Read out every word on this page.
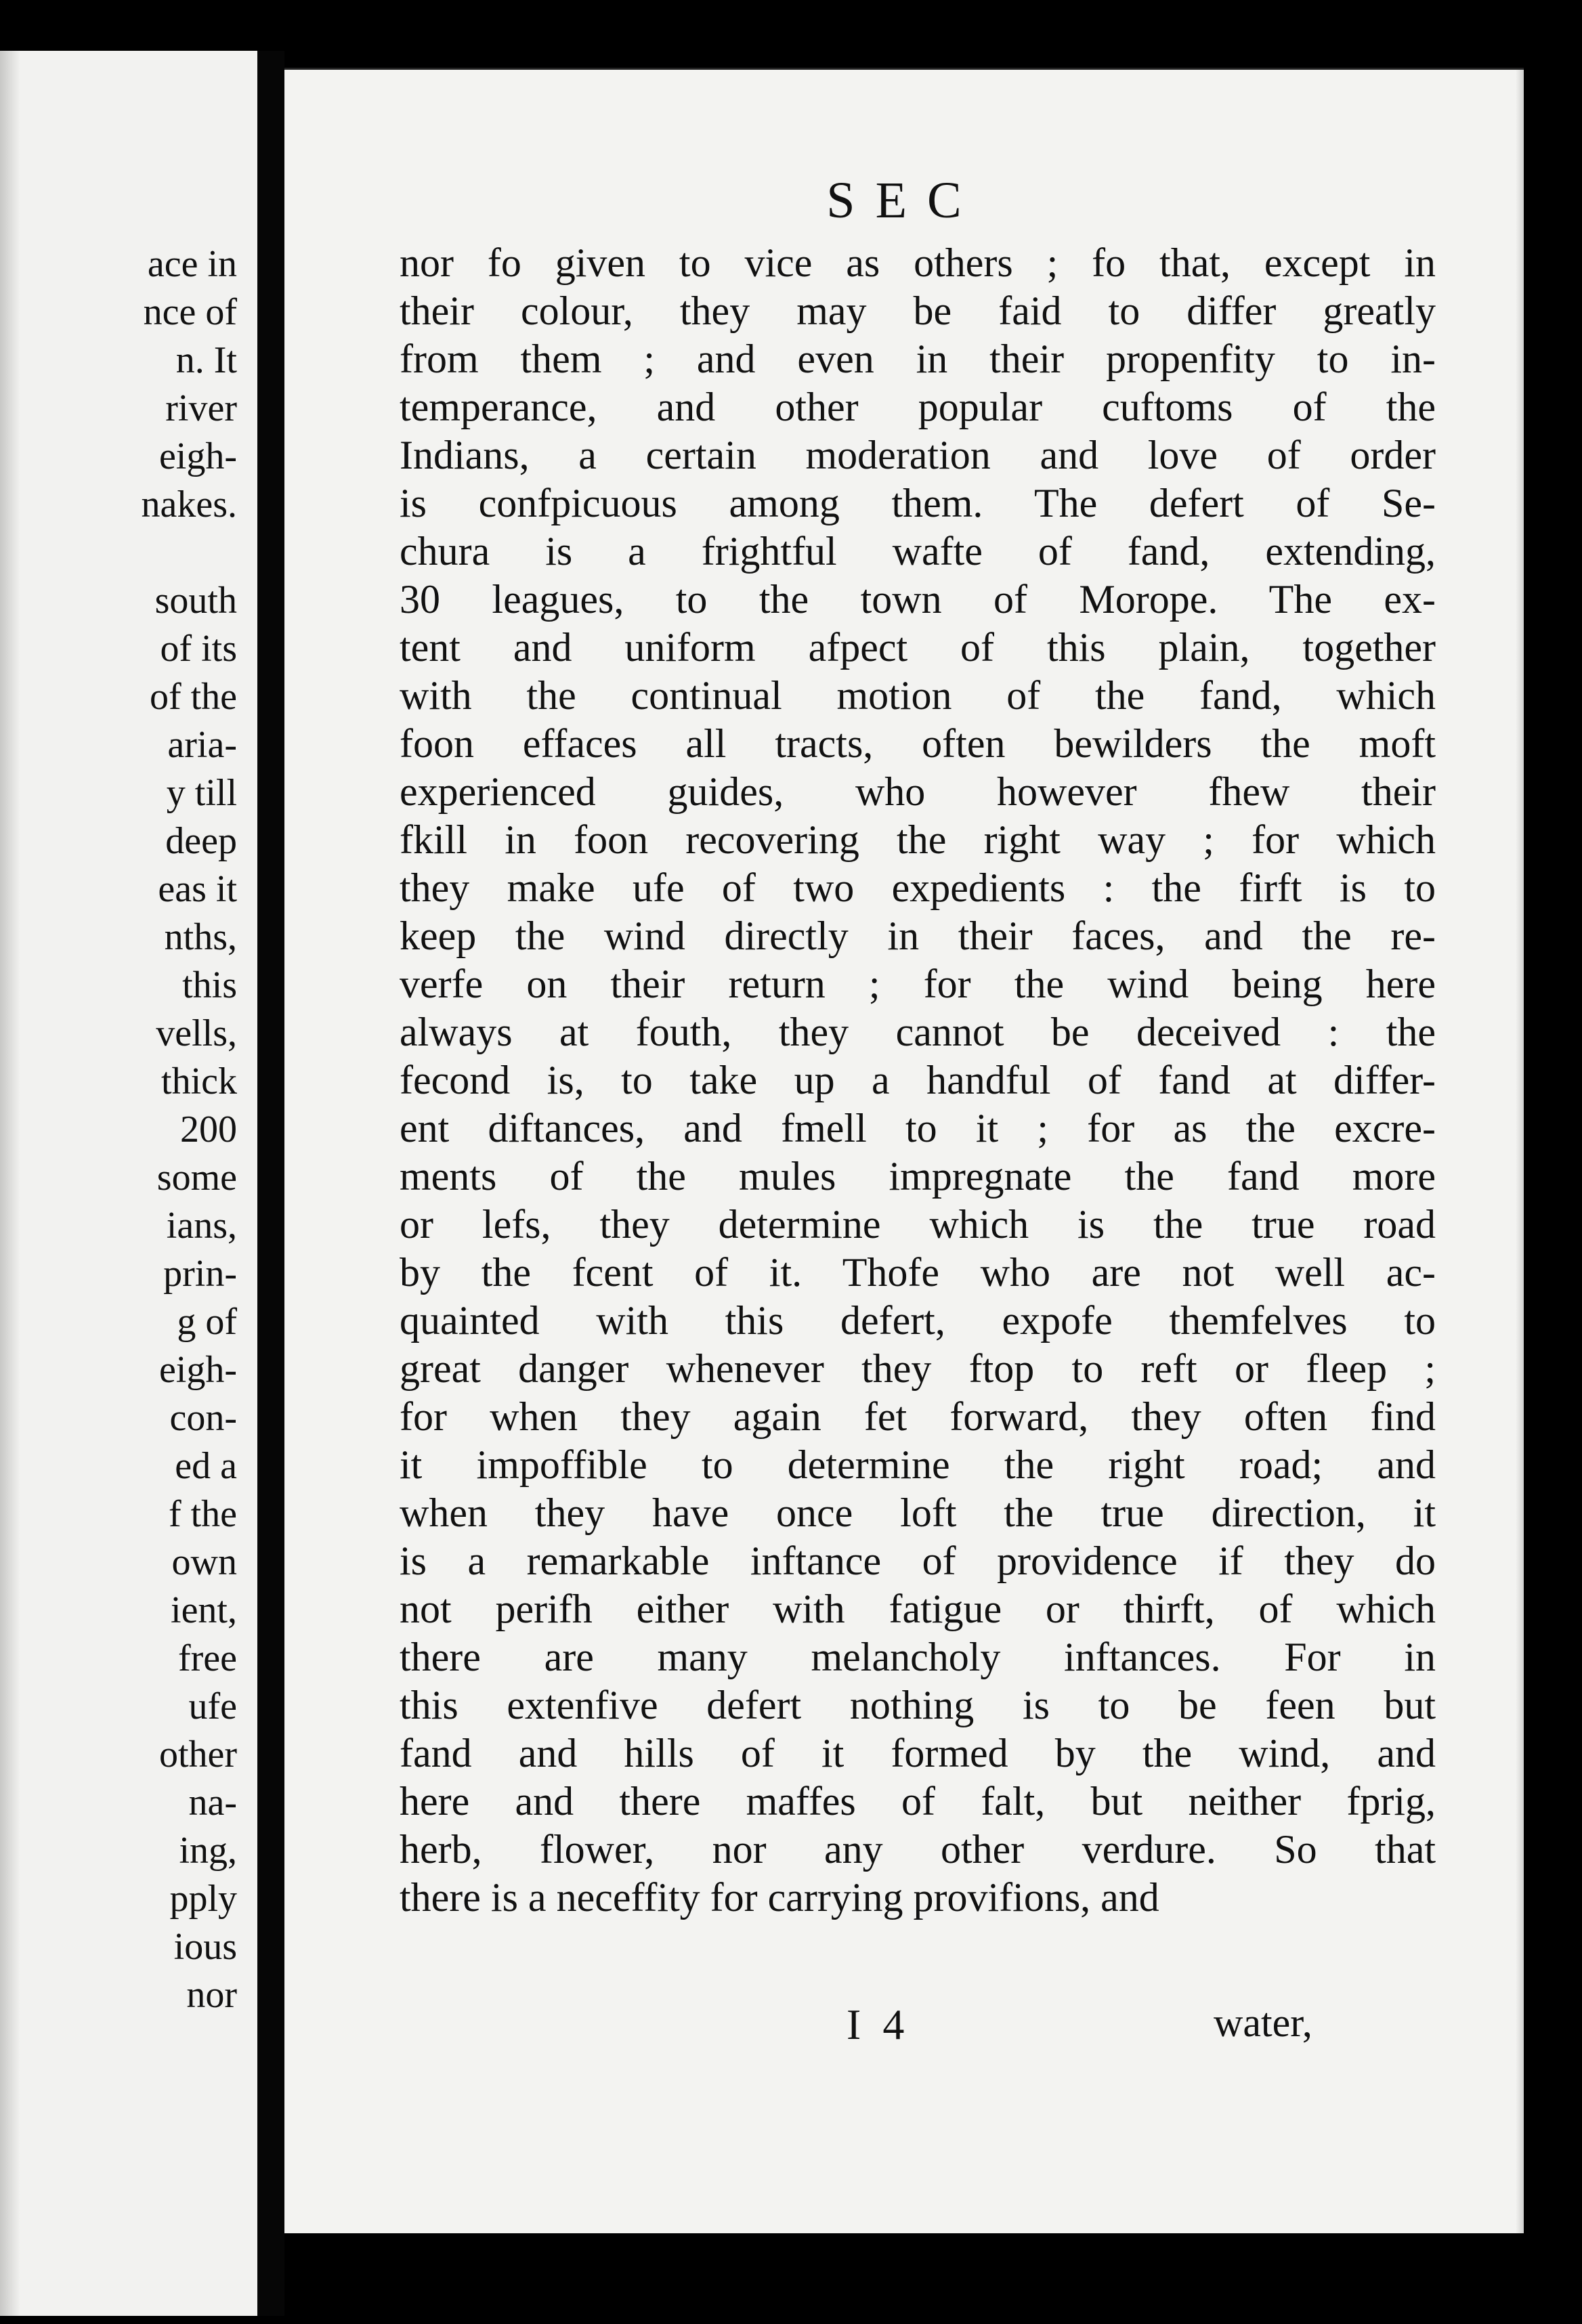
ace in
nce of
n. It
river
eigh-
nakes.
south
of its
of the
aria-
y till
deep
eas it
nths,
this
vells,
thick
200
some
ians,
prin-
g of
eigh-
con-
ed a
f the
own
ient,
free
ufe
other
na-
ing,
pply
ious
nor
SEC
nor fo given to vice as others ; fo that, except in
their colour, they may be faid to differ greatly
from them ; and even in their propenfity to in-
temperance, and other popular cuftoms of the
Indians, a certain moderation and love of order
is confpicuous among them. The defert of Se-
chura is a frightful wafte of fand, extending,
30 leagues, to the town of Morope. The ex-
tent and uniform afpect of this plain, together
with the continual motion of the fand, which
foon effaces all tracts, often bewilders the moft
experienced guides, who however fhew their
fkill in foon recovering the right way ; for which
they make ufe of two expedients : the firft is to
keep the wind directly in their faces, and the re-
verfe on their return ; for the wind being here
always at fouth, they cannot be deceived : the
fecond is, to take up a handful of fand at differ-
ent diftances, and fmell to it ; for as the excre-
ments of the mules impregnate the fand more
or lefs, they determine which is the true road
by the fcent of it. Thofe who are not well ac-
quainted with this defert, expofe themfelves to
great danger whenever they ftop to reft or fleep ;
for when they again fet forward, they often find
it impoffible to determine the right road; and
when they have once loft the true direction, it
is a remarkable inftance of providence if they do
not perifh either with fatigue or thirft, of which
there are many melancholy inftances. For in
this extenfive defert nothing is to be feen but
fand and hills of it formed by the wind, and
here and there maffes of falt, but neither fprig,
herb, flower, nor any other verdure. So that
there is a neceffity for carrying provifions, and
I 4	water,
